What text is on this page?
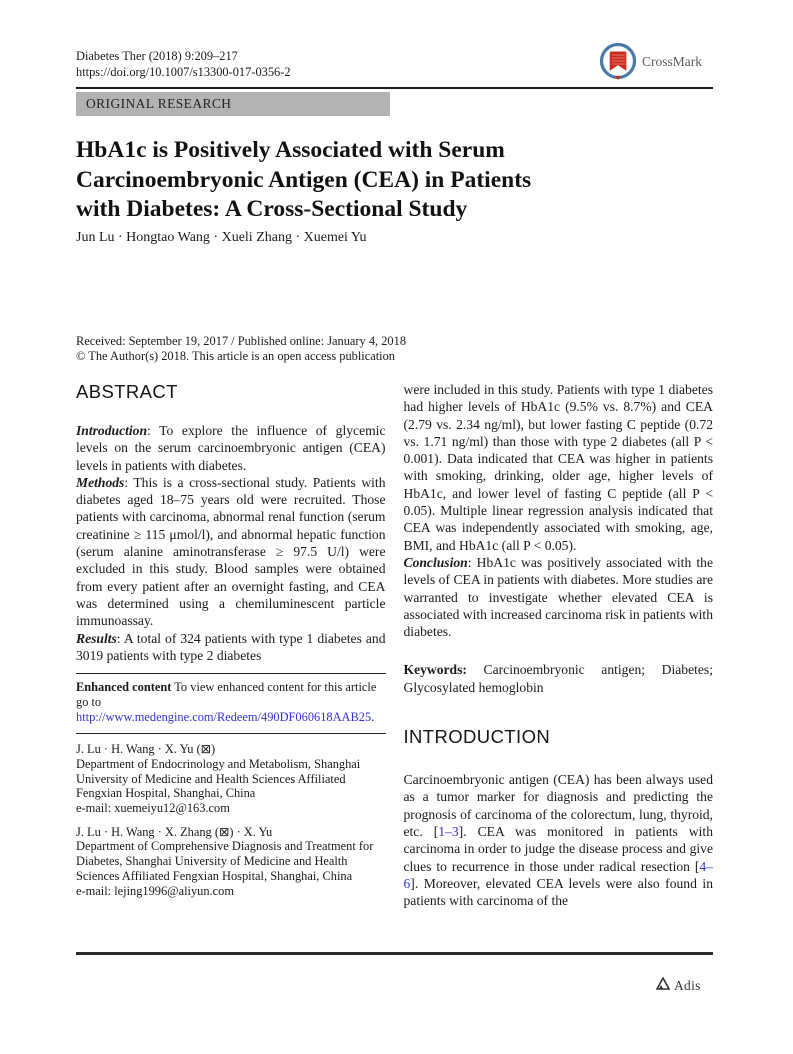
Diabetes Ther (2018) 9:209–217
https://doi.org/10.1007/s13300-017-0356-2
CrossMark
ORIGINAL RESEARCH
HbA1c is Positively Associated with Serum
Carcinoembryonic Antigen (CEA) in Patients
with Diabetes: A Cross-Sectional Study
Jun Lu · Hongtao Wang · Xueli Zhang · Xuemei Yu
Received: September 19, 2017 / Published online: January 4, 2018
© The Author(s) 2018. This article is an open access publication
ABSTRACT

Introduction: To explore the influence of glycemic levels on the serum carcinoembryonic antigen (CEA) levels in patients with diabetes.

Methods: This is a cross-sectional study. Patients with diabetes aged 18–75 years old were recruited. Those patients with carcinoma, abnormal renal function (serum creatinine ≥ 115 μmol/l), and abnormal hepatic function (serum alanine aminotransferase ≥ 97.5 U/l) were excluded in this study. Blood samples were obtained from every patient after an overnight fasting, and CEA was determined using a chemiluminescent particle immunoassay.

Results: A total of 324 patients with type 1 diabetes and 3019 patients with type 2 diabetes

Enhanced content To view enhanced content for this article go to http://www.medengine.com/Redeem/490DF060618AAB25.

J. Lu · H. Wang · X. Yu (⊠)
Department of Endocrinology and Metabolism, Shanghai University of Medicine and Health Sciences Affiliated Fengxian Hospital, Shanghai, China
e-mail: xuemeiyu12@163.com
J. Lu · H. Wang · X. Zhang (⊠) · X. Yu
Department of Comprehensive Diagnosis and Treatment for Diabetes, Shanghai University of Medicine and Health Sciences Affiliated Fengxian Hospital, Shanghai, China
e-mail: lejing1996@aliyun.com

were included in this study. Patients with type 1 diabetes had higher levels of HbA1c (9.5% vs. 8.7%) and CEA (2.79 vs. 2.34 ng/ml), but lower fasting C peptide (0.72 vs. 1.71 ng/ml) than those with type 2 diabetes (all P < 0.001). Data indicated that CEA was higher in patients with smoking, drinking, older age, higher levels of HbA1c, and lower level of fasting C peptide (all P < 0.05). Multiple linear regression analysis indicated that CEA was independently associated with smoking, age, BMI, and HbA1c (all P < 0.05).

Conclusion: HbA1c was positively associated with the levels of CEA in patients with diabetes. More studies are warranted to investigate whether elevated CEA is associated with increased carcinoma risk in patients with diabetes.

Keywords: Carcinoembryonic antigen; Diabetes; Glycosylated hemoglobin

INTRODUCTION

Carcinoembryonic antigen (CEA) has been always used as a tumor marker for diagnosis and predicting the prognosis of carcinoma of the colorectum, lung, thyroid, etc. [1–3]. CEA was monitored in patients with carcinoma in order to judge the disease process and give clues to recurrence in those under radical resection [4–6]. Moreover, elevated CEA levels were also found in patients with carcinoma of the

Adis
